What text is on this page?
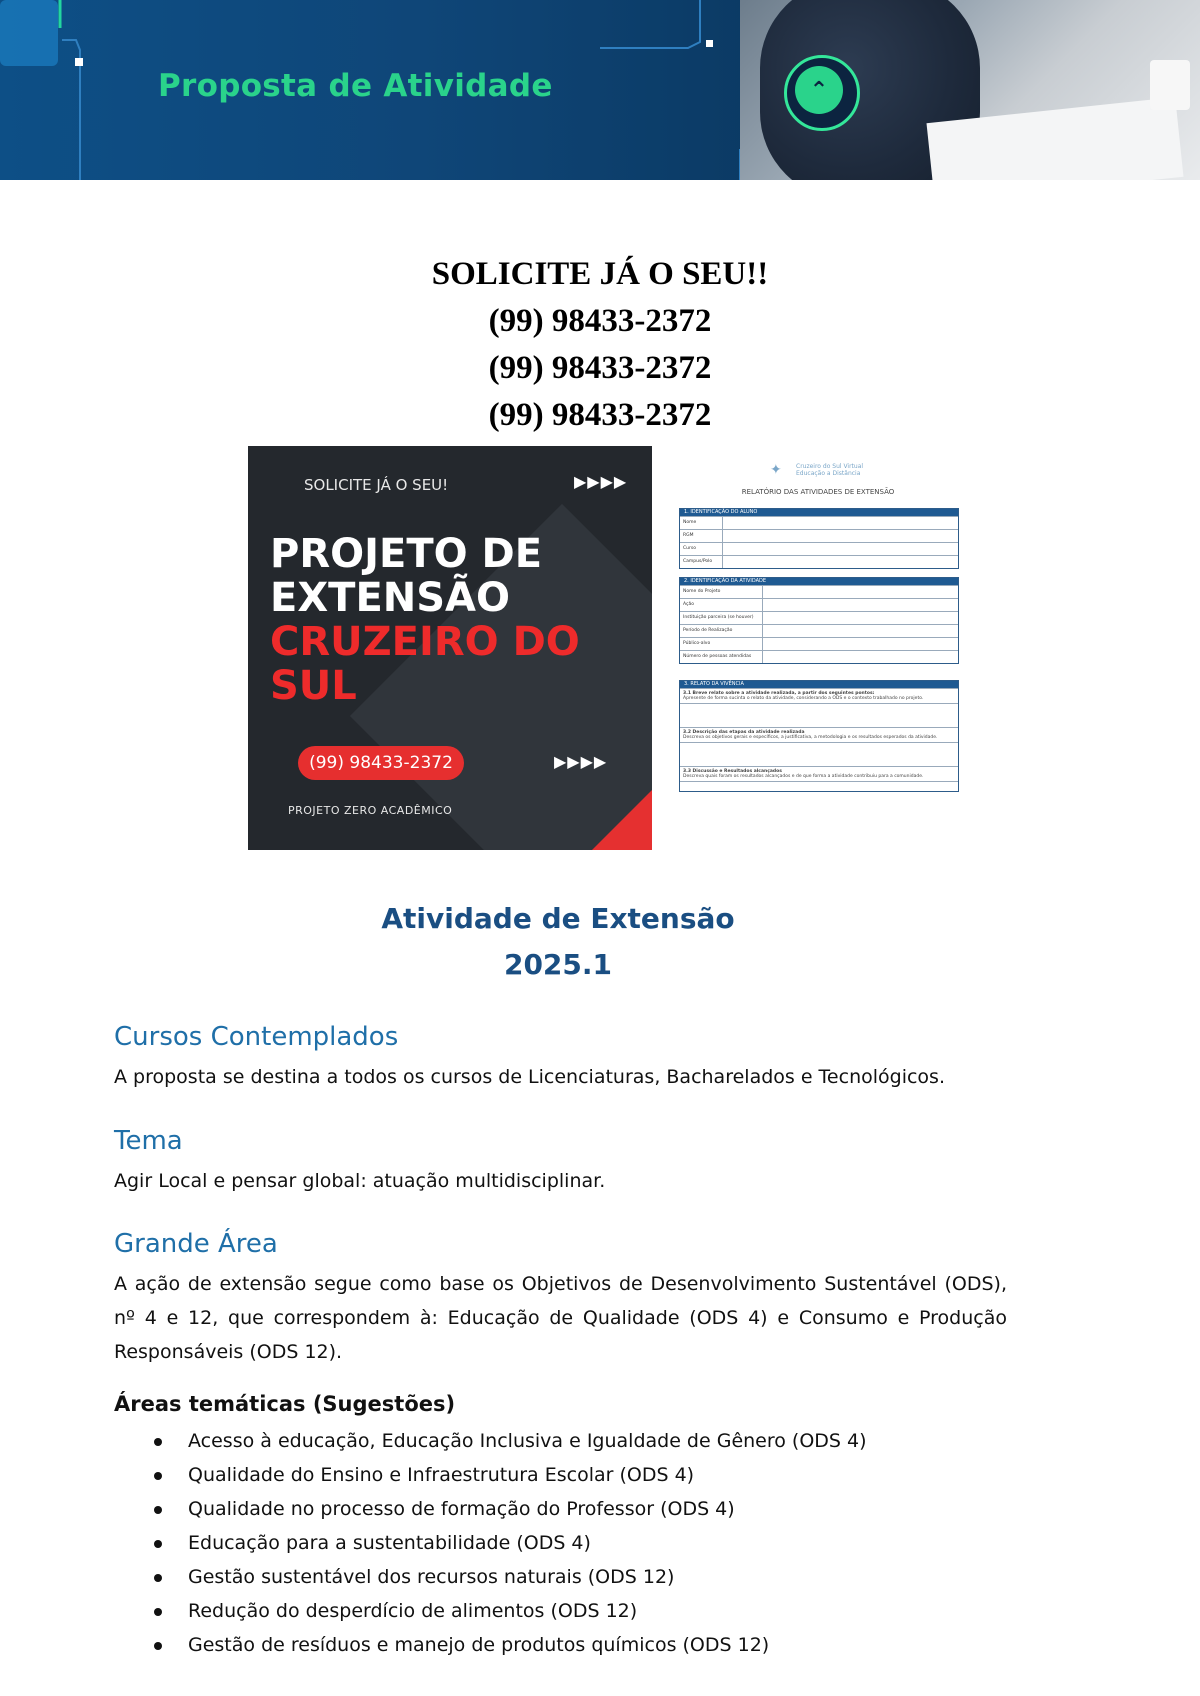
⌃
Proposta de Atividade
SOLICITE JÁ O SEU!!
(99) 98433-2372
(99) 98433-2372
(99) 98433-2372
SOLICITE JÁ O SEU!	▶▶▶▶
PROJETO DE
EXTENSÃO
CRUZEIRO DO
SUL
(99) 98433-2372	▶▶▶▶
PROJETO ZERO ACADÊMICO
✦	Cruzeiro do Sul Virtual
Educação a Distância
RELATÓRIO DAS ATIVIDADES DE EXTENSÃO
1. IDENTIFICAÇÃO DO ALUNO
Nome
RGM
Curso
Campus/Polo
2. IDENTIFICAÇÃO DA ATIVIDADE
Nome do Projeto
Ação
Instituição parceira (se houver)
Período de Realização
Público-alvo
Número de pessoas atendidas
3. RELATO DA VIVÊNCIA
3.1 Breve relato sobre a atividade realizada, a partir dos seguintes pontos:
Apresente de forma sucinta o relato da atividade, considerando a ODS e o contexto trabalhado no projeto.
3.2 Descrição das etapas da atividade realizada
Descreva os objetivos gerais e específicos, a justificativa, a metodologia e os resultados esperados da atividade.
3.3 Discussão e Resultados alcançados
Descreva quais foram os resultados alcançados e de que forma a atividade contribuiu para a comunidade.
Atividade de Extensão
2025.1
Cursos Contemplados
A proposta se destina a todos os cursos de Licenciaturas, Bacharelados e Tecnológicos.
Tema
Agir Local e pensar global: atuação multidisciplinar.
Grande Área
A ação de extensão segue como base os Objetivos de Desenvolvimento Sustentável (ODS), nº 4 e 12, que correspondem à: Educação de Qualidade (ODS 4) e Consumo e Produção Responsáveis (ODS 12).
Áreas temáticas (Sugestões)
Acesso à educação, Educação Inclusiva e Igualdade de Gênero (ODS 4)
Qualidade do Ensino e Infraestrutura Escolar (ODS 4)
Qualidade no processo de formação do Professor (ODS 4)
Educação para a sustentabilidade (ODS 4)
Gestão sustentável dos recursos naturais (ODS 12)
Redução do desperdício de alimentos (ODS 12)
Gestão de resíduos e manejo de produtos químicos (ODS 12)
